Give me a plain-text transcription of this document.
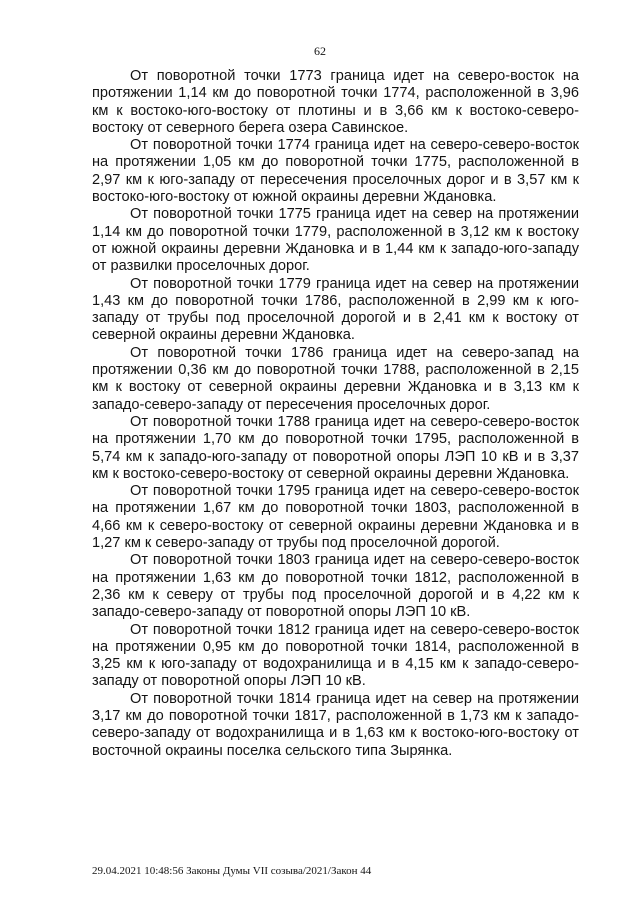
62

От поворотной точки 1773 граница идет на северо-восток на протяжении 1,14 км до поворотной точки 1774, расположенной в 3,96 км к востоко-юго-востоку от плотины и в 3,66 км к востоко-северо-востоку от северного берега озера Савинское.

От поворотной точки 1774 граница идет на северо-северо-восток на протяжении 1,05 км до поворотной точки 1775, расположенной в 2,97 км к юго-западу от пересечения проселочных дорог и в 3,57 км к востоко-юго-востоку от южной окраины деревни Ждановка.

От поворотной точки 1775 граница идет на север на протяжении 1,14 км до поворотной точки 1779, расположенной в 3,12 км к востоку от южной окраины деревни Ждановка и в 1,44 км к западо-юго-западу от развилки проселочных дорог.

От поворотной точки 1779 граница идет на север на протяжении 1,43 км до поворотной точки 1786, расположенной в 2,99 км к юго-западу от трубы под проселочной дорогой и в 2,41 км к востоку от северной окраины деревни Ждановка.

От поворотной точки 1786 граница идет на северо-запад на протяжении 0,36 км до поворотной точки 1788, расположенной в 2,15 км к востоку от северной окраины деревни Ждановка и в 3,13 км к западо-северо-западу от пересечения проселочных дорог.

От поворотной точки 1788 граница идет на северо-северо-восток на протяжении 1,70 км до поворотной точки 1795, расположенной в 5,74 км к западо-юго-западу от поворотной опоры ЛЭП 10 кВ и в 3,37 км к востоко-северо-востоку от северной окраины деревни Ждановка.

От поворотной точки 1795 граница идет на северо-северо-восток на протяжении 1,67 км до поворотной точки 1803, расположенной в 4,66 км к северо-востоку от северной окраины деревни Ждановка и в 1,27 км к северо-западу от трубы под проселочной дорогой.

От поворотной точки 1803 граница идет на северо-северо-восток на протяжении 1,63 км до поворотной точки 1812, расположенной в 2,36 км к северу от трубы под проселочной дорогой и в 4,22 км к западо-северо-западу от поворотной опоры ЛЭП 10 кВ.

От поворотной точки 1812 граница идет на северо-северо-восток на протяжении 0,95 км до поворотной точки 1814, расположенной в 3,25 км к юго-западу от водохранилища и в 4,15 км к западо-северо-западу от поворотной опоры ЛЭП 10 кВ.

От поворотной точки 1814 граница идет на север на протяжении 3,17 км до поворотной точки 1817, расположенной в 1,73 км к западо-северо-западу от водохранилища и в 1,63 км к востоко-юго-востоку от восточной окраины поселка сельского типа Зырянка.

29.04.2021 10:48:56 Законы Думы VII созыва/2021/Закон 44
